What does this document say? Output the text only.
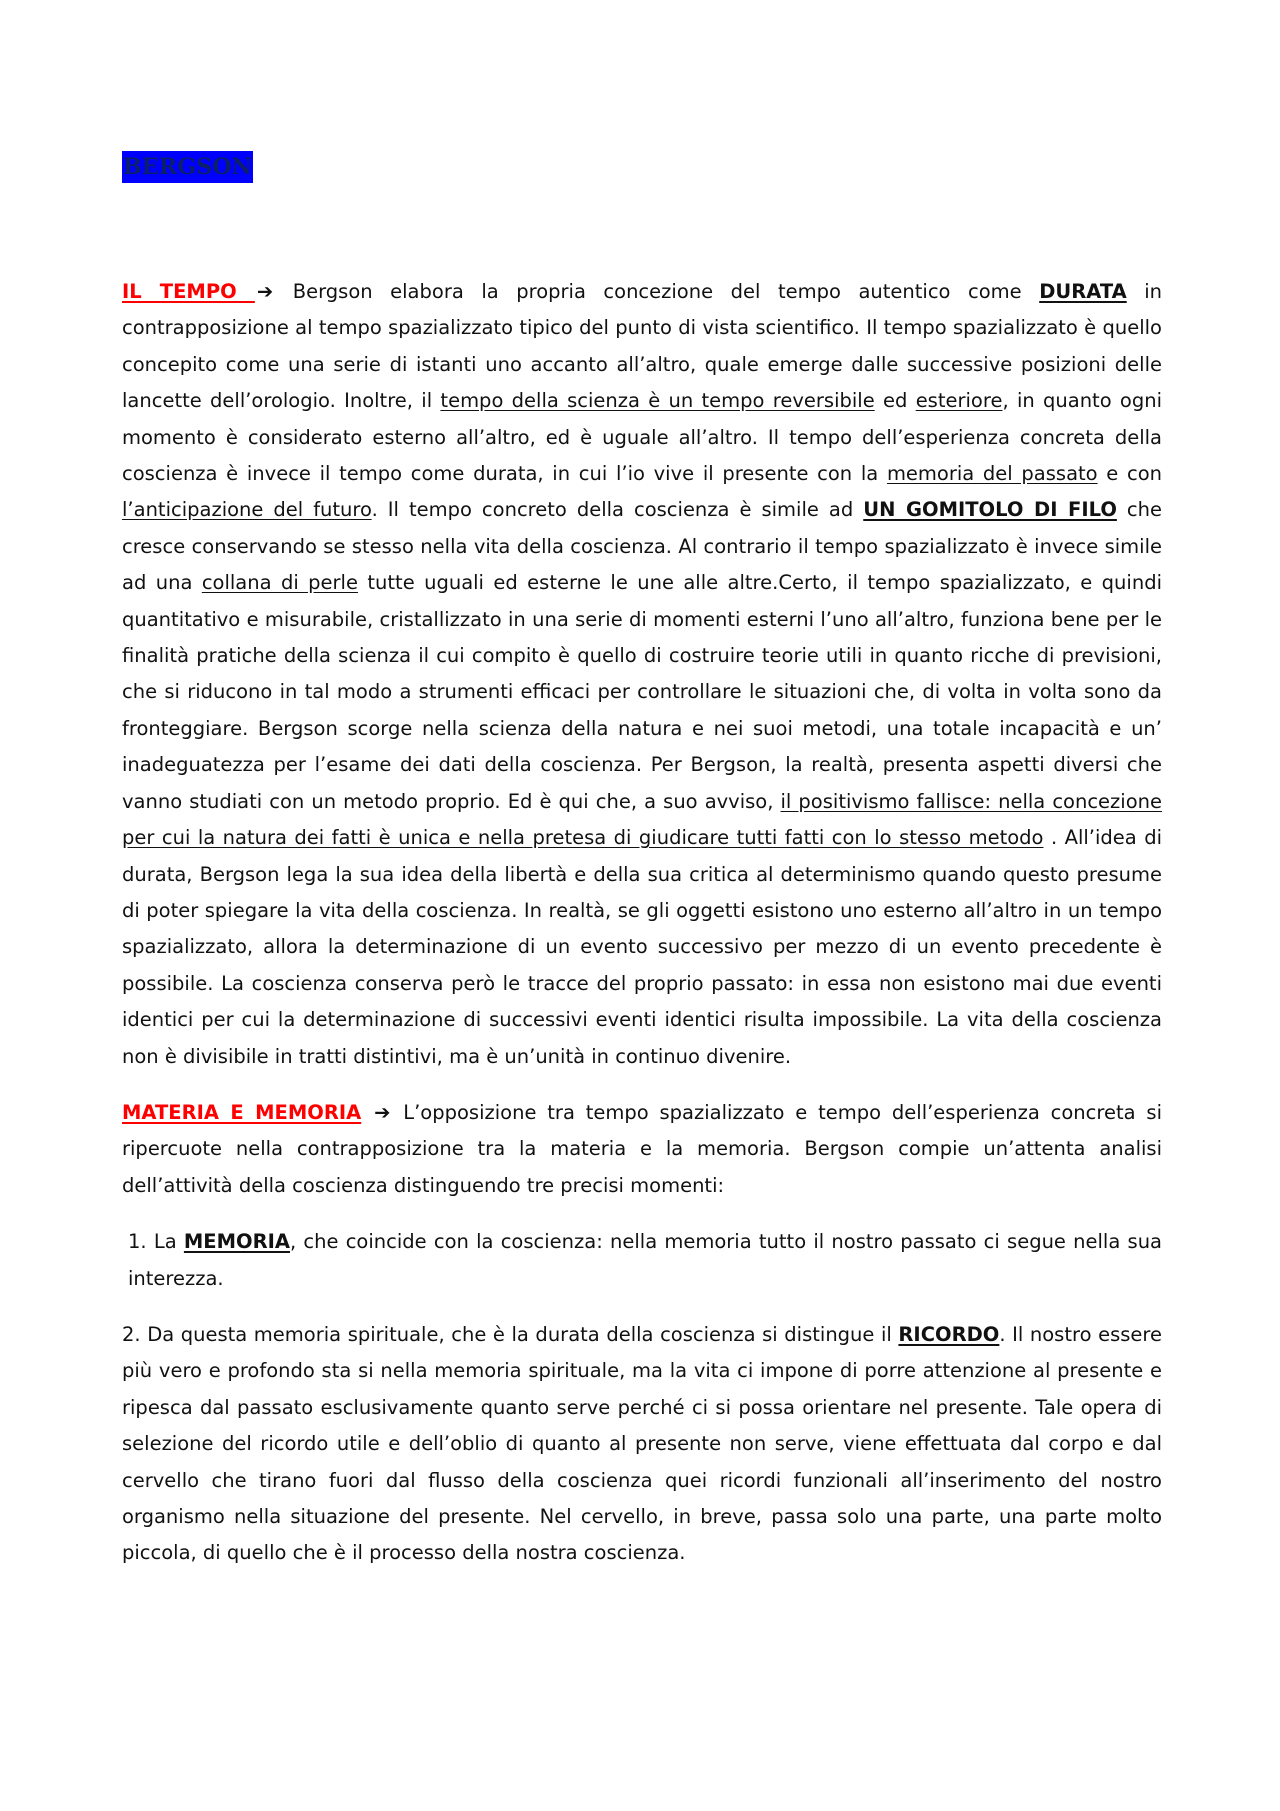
BERGSON

IL TEMPO ➔ Bergson elabora la propria concezione del tempo autentico come DURATA in contrapposizione al tempo spazializzato tipico del punto di vista scientifico. Il tempo spazializzato è quello concepito come una serie di istanti uno accanto all’altro, quale emerge dalle successive posizioni delle lancette dell’orologio. Inoltre, il tempo della scienza è un tempo reversibile ed esteriore, in quanto ogni momento è considerato esterno all’altro, ed è uguale all’altro. Il tempo dell’esperienza concreta della coscienza è invece il tempo come durata, in cui l’io vive il presente con la memoria del passato e con l’anticipazione del futuro. Il tempo concreto della coscienza è simile ad UN GOMITOLO DI FILO che cresce conservando se stesso nella vita della coscienza. Al contrario il tempo spazializzato è invece simile ad una collana di perle tutte uguali ed esterne le une alle altre.Certo, il tempo spazializzato, e quindi quantitativo e misurabile, cristallizzato in una serie di momenti esterni l’uno all’altro, funziona bene per le finalità pratiche della scienza il cui compito è quello di costruire teorie utili in quanto ricche di previsioni, che si riducono in tal modo a strumenti efficaci per controllare le situazioni che, di volta in volta sono da fronteggiare. Bergson scorge nella scienza della natura e nei suoi metodi, una totale incapacità e un’ inadeguatezza per l’esame dei dati della coscienza. Per Bergson, la realtà, presenta aspetti diversi che vanno studiati con un metodo proprio. Ed è qui che, a suo avviso, il positivismo fallisce: nella concezione per cui la natura dei fatti è unica e nella pretesa di giudicare tutti fatti con lo stesso metodo . All’idea di durata, Bergson lega la sua idea della libertà e della sua critica al determinismo quando questo presume di poter spiegare la vita della coscienza. In realtà, se gli oggetti esistono uno esterno all’altro in un tempo spazializzato, allora la determinazione di un evento successivo per mezzo di un evento precedente è possibile. La coscienza conserva però le tracce del proprio passato: in essa non esistono mai due eventi identici per cui la determinazione di successivi eventi identici risulta impossibile. La vita della coscienza non è divisibile in tratti distintivi, ma è un’unità in continuo divenire.

MATERIA E MEMORIA ➔ L’opposizione tra tempo spazializzato e tempo dell’esperienza concreta si ripercuote nella contrapposizione tra la materia e la memoria. Bergson compie un’attenta analisi dell’attività della coscienza distinguendo tre precisi momenti:

1. La MEMORIA, che coincide con la coscienza: nella memoria tutto il nostro passato ci segue nella sua interezza.

2. Da questa memoria spirituale, che è la durata della coscienza si distingue il RICORDO. Il nostro essere più vero e profondo sta si nella memoria spirituale, ma la vita ci impone di porre attenzione al presente e ripesca dal passato esclusivamente quanto serve perché ci si possa orientare nel presente. Tale opera di selezione del ricordo utile e dell’oblio di quanto al presente non serve, viene effettuata dal corpo e dal cervello che tirano fuori dal flusso della coscienza quei ricordi funzionali all’inserimento del nostro organismo nella situazione del presente. Nel cervello, in breve, passa solo una parte, una parte molto piccola, di quello che è il processo della nostra coscienza.
